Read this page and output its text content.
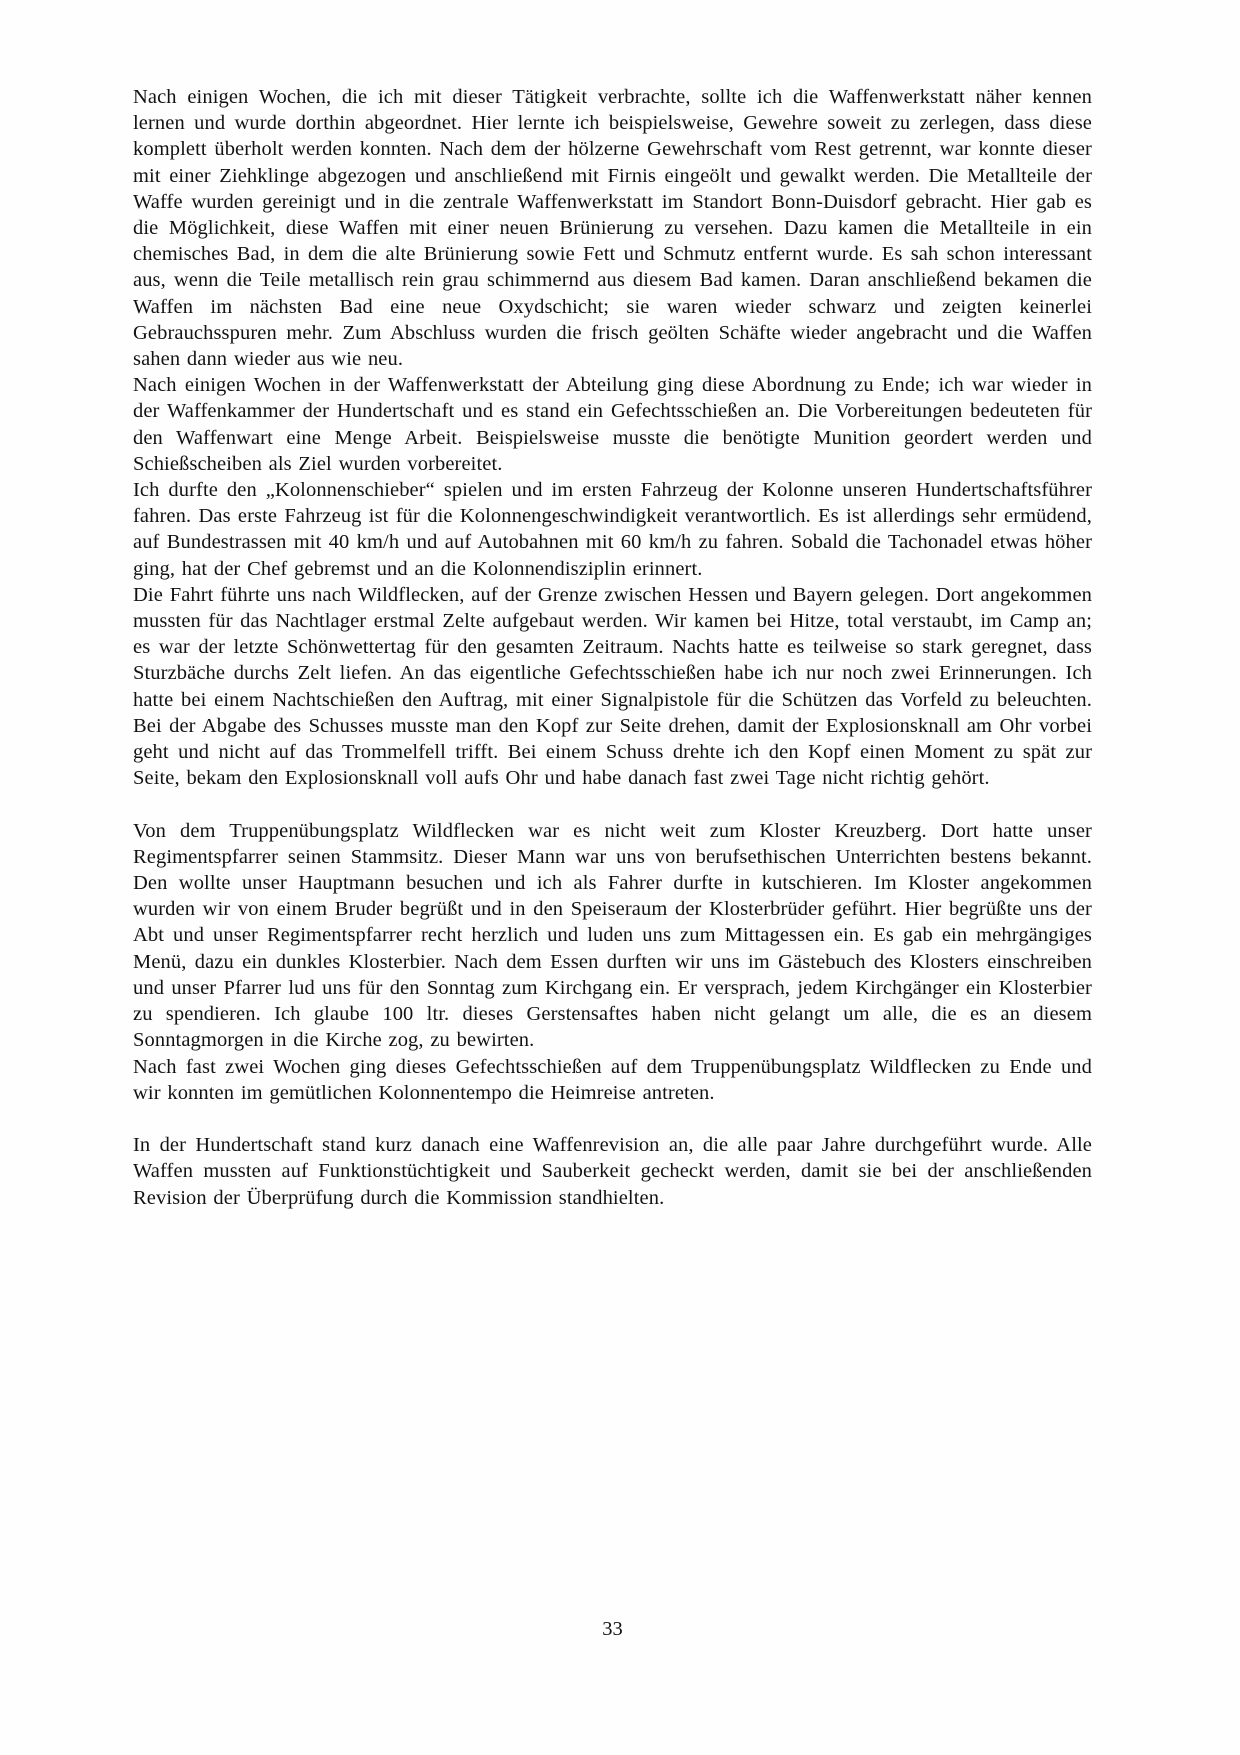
Nach einigen Wochen, die ich mit dieser Tätigkeit verbrachte, sollte ich die Waffenwerkstatt näher kennen lernen und wurde dorthin abgeordnet. Hier lernte ich beispielsweise, Gewehre soweit zu zerlegen, dass diese komplett überholt werden konnten. Nach dem der hölzerne Gewehrschaft vom Rest getrennt, war konnte dieser mit einer Ziehklinge abgezogen und anschließend mit Firnis eingeölt und gewalkt werden. Die Metallteile der Waffe wurden gereinigt und in die zentrale Waffenwerkstatt im Standort Bonn-Duisdorf gebracht. Hier gab es die Möglichkeit, diese Waffen mit einer neuen Brünierung zu versehen. Dazu kamen die Metallteile in ein chemisches Bad, in dem die alte Brünierung sowie Fett und Schmutz entfernt wurde. Es sah schon interessant aus, wenn die Teile metallisch rein grau schimmernd aus diesem Bad kamen. Daran anschließend bekamen die Waffen im nächsten Bad eine neue Oxydschicht; sie waren wieder schwarz und zeigten keinerlei Gebrauchsspuren mehr. Zum Abschluss wurden die frisch geölten Schäfte wieder angebracht und die Waffen sahen dann wieder aus wie neu.

Nach einigen Wochen in der Waffenwerkstatt der Abteilung ging diese Abordnung zu Ende; ich war wieder in der Waffenkammer der Hundertschaft und es stand ein Gefechtsschießen an. Die Vorbereitungen bedeuteten für den Waffenwart eine Menge Arbeit. Beispielsweise musste die benötigte Munition geordert werden und Schießscheiben als Ziel wurden vorbereitet.

Ich durfte den „Kolonnenschieber“ spielen und im ersten Fahrzeug der Kolonne unseren Hundertschaftsführer fahren. Das erste Fahrzeug ist für die Kolonnengeschwindigkeit verantwortlich. Es ist allerdings sehr ermüdend, auf Bundestrassen mit 40 km/h und auf Autobahnen mit 60 km/h zu fahren. Sobald die Tachonadel etwas höher ging, hat der Chef gebremst und an die Kolonnendisziplin erinnert.

Die Fahrt führte uns nach Wildflecken, auf der Grenze zwischen Hessen und Bayern gelegen. Dort angekommen mussten für das Nachtlager erstmal Zelte aufgebaut werden. Wir kamen bei Hitze, total verstaubt, im Camp an; es war der letzte Schönwettertag für den gesamten Zeitraum. Nachts hatte es teilweise so stark geregnet, dass Sturzbäche durchs Zelt liefen. An das eigentliche Gefechtsschießen habe ich nur noch zwei Erinnerungen. Ich hatte bei einem Nachtschießen den Auftrag, mit einer Signalpistole für die Schützen das Vorfeld zu beleuchten. Bei der Abgabe des Schusses musste man den Kopf zur Seite drehen, damit der Explosionsknall am Ohr vorbei geht und nicht auf das Trommelfell trifft. Bei einem Schuss drehte ich den Kopf einen Moment zu spät zur Seite, bekam den Explosionsknall voll aufs Ohr und habe danach fast zwei Tage nicht richtig gehört.

Von dem Truppenübungsplatz Wildflecken war es nicht weit zum Kloster Kreuzberg. Dort hatte unser Regimentspfarrer seinen Stammsitz. Dieser Mann war uns von berufsethischen Unterrichten bestens bekannt. Den wollte unser Hauptmann besuchen und ich als Fahrer durfte in kutschieren. Im Kloster angekommen wurden wir von einem Bruder begrüßt und in den Speiseraum der Klosterbrüder geführt. Hier begrüßte uns der Abt und unser Regimentspfarrer recht herzlich und luden uns zum Mittagessen ein. Es gab ein mehrgängiges Menü, dazu ein dunkles Klosterbier. Nach dem Essen durften wir uns im Gästebuch des Klosters einschreiben und unser Pfarrer lud uns für den Sonntag zum Kirchgang ein. Er versprach, jedem Kirchgänger ein Klosterbier zu spendieren. Ich glaube 100 ltr. dieses Gerstensaftes haben nicht gelangt um alle, die es an diesem Sonntagmorgen in die Kirche zog, zu bewirten.

Nach fast zwei Wochen ging dieses Gefechtsschießen auf dem Truppenübungsplatz Wildflecken zu Ende und wir konnten im gemütlichen Kolonnentempo die Heimreise antreten.

In der Hundertschaft stand kurz danach eine Waffenrevision an, die alle paar Jahre durchgeführt wurde. Alle Waffen mussten auf Funktionstüchtigkeit und Sauberkeit gecheckt werden, damit sie bei der anschließenden Revision der Überprüfung durch die Kommission standhielten.

33
